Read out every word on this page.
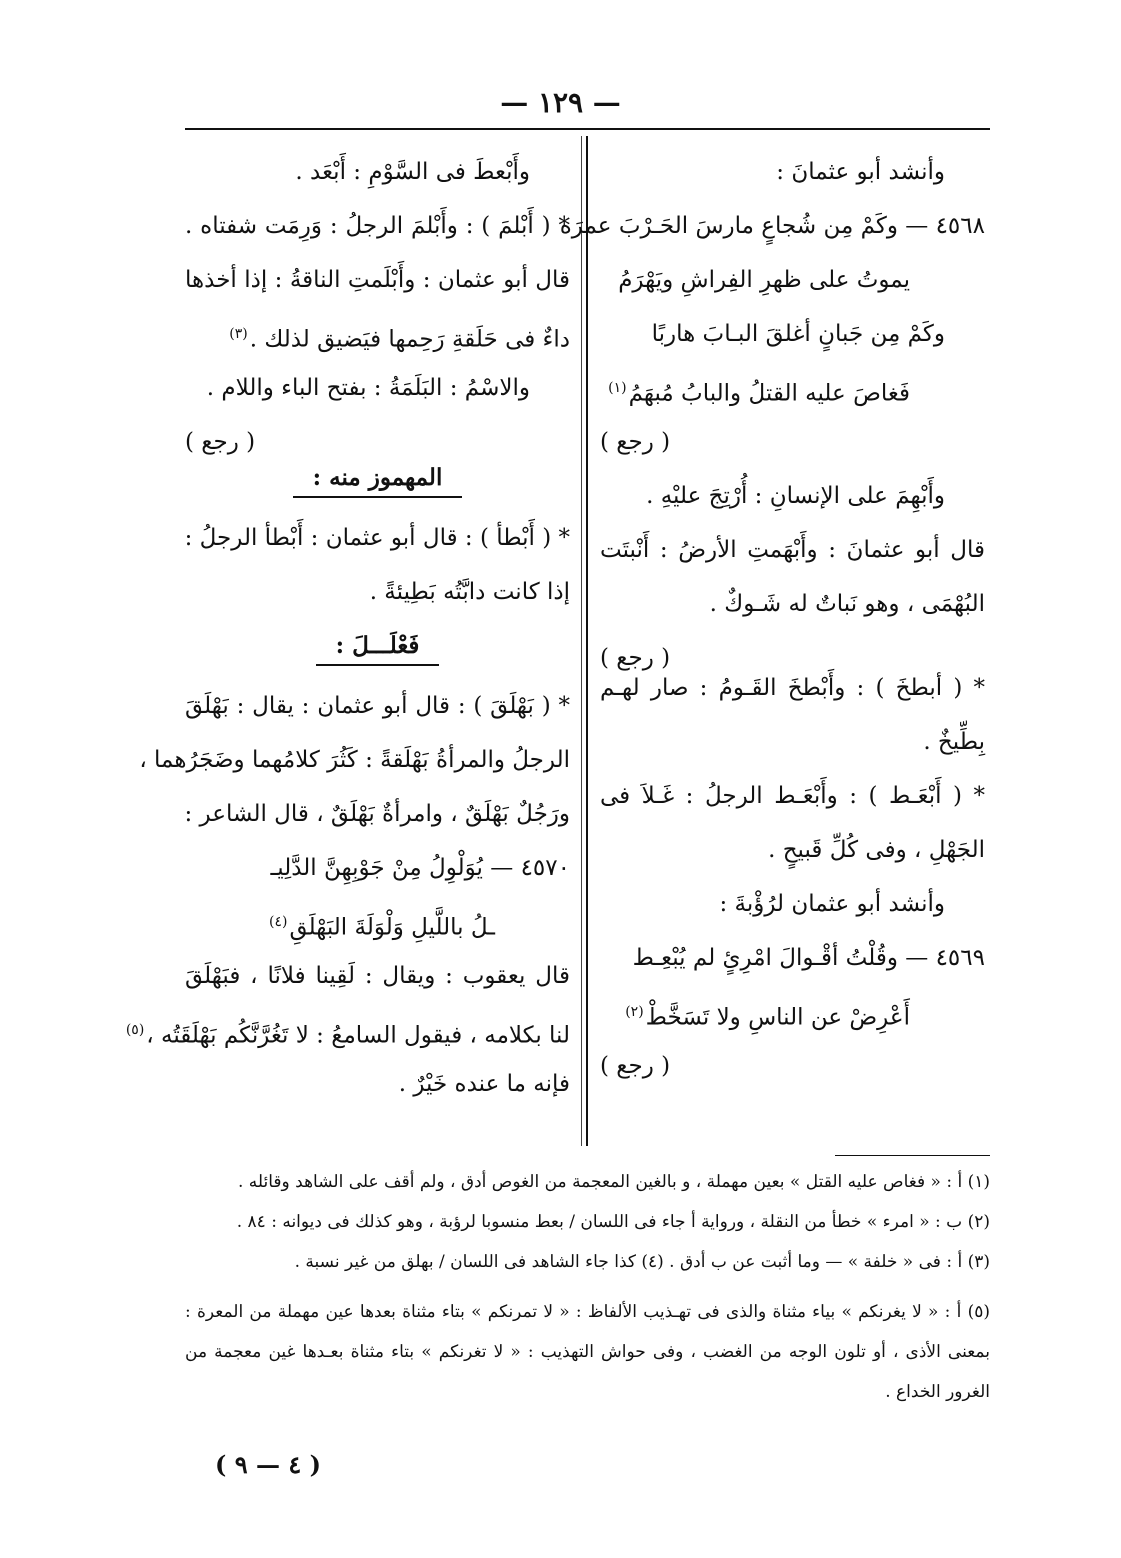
— ١٢٩ —
وأنشد أبو عثمانَ :
٤٥٦٨ — وكَمْ مِن شُجاعٍ مارسَ الحَـرْبَ عمرَه
يموتُ على ظهرِ الفِراشِ ويَهْرَمُ
وكَمْ مِن جَبانٍ أغلقَ البـابَ هاربًا
فَغاصَ عليه القتلُ والبابُ مُبهَمُ$^{(١)}$
( رجع )
وأَبْهِمَ على الإنسانِ : أُرْتِجَ عليْهِ .
قال أبو عثمانَ : وأَبْهَمتِ الأرضُ : أَنْبتَت
البُهْمَى ، وهو نَباتٌ له شَـوكٌ .
( رجع )
* ( أبطخَ ) : وأَبْطخَ القَـومُ : صار لهـم
بِطِّيخٌ .
* ( أَبْعَـط ) : وأَبْعَـط الرجلُ : غَـلاَ فى
الجَهْلِ ، وفى كُلِّ قَبيحٍ .
وأنشد أبو عثمان لرُؤْبةَ :
٤٥٦٩ — وقُلْتُ أقْـوالَ امْرِئٍ لم يُبْعِـط
أَعْرِضْ عن الناسِ ولا تَسَخَّطْ$^{(٢)}$
( رجع )
وأَبْعطَ فى السَّوْمِ : أَبْعَد .
* ( أَبْلمَ ) : وأَبْلمَ الرجلُ : وَرِمَت شفتاه .
قال أبو عثمان : وأَبْلَمتِ الناقةُ : إذا أخذها
داءٌ فى حَلَقةِ رَحِمها فيَضيق لذلك .$^{(٣)}$
والاسْمُ : البَلَمَةُ : بفتح الباء واللام .
( رجع )
المهموز منه :
* ( أَبْطأ ) : قال أبو عثمان : أَبْطأ الرجلُ :
إذا كانت دابَّتُه بَطِيئةً .
فَعْلَـــلَ :
* ( بَهْلَقَ ) : قال أبو عثمان : يقال : بَهْلَقَ
الرجلُ والمرأةُ بَهْلَقةً : كَثُرَ كلامُهما وضَجَرُهما ،
ورَجُلٌ بَهْلَقٌ ، وامرأةٌ بَهْلَقٌ ، قال الشاعر :
٤٥٧٠ — يُوَلْوِلُ مِنْ جَوْبِهِنَّ الدَّلِيـ
ـلُ باللَّيلِ وَلْوَلَةَ البَهْلَقِ$^{(٤)}$
قال يعقوب : ويقال : لَقِينا فلانًا ، فبَهْلَقَ
لنا بكلامه ، فيقول السامعُ : لا تَغُرَّنَّكُم بَهْلَقَتُه ،$^{(٥)}$
فإنه ما عنده خَيْرٌ .
(١) أ : « فغاص عليه القتل » بعين مهملة ، و بالغين المعجمة من الغوص أدق ، ولم أقف على الشاهد وقائله .
(٢) ب : « امرء » خطأ من النقلة ، ورواية أ جاء فى اللسان / بعط منسوبا لرؤبة ، وهو كذلك فى ديوانه : ٨٤ .
(٣) أ : فى « خلفة » — وما أثبت عن ب أدق . (٤) كذا جاء الشاهد فى اللسان / بهلق من غير نسبة .
(٥) أ : « لا يغرنكم » بياء مثناة والذى فى تهـذيب الألفاظ : « لا تمرنكم » بتاء مثناة بعدها عين مهملة من المعرة : بمعنى الأذى ، أو تلون الوجه من الغضب ، وفى حواش التهذيب : « لا تغرنكم » بتاء مثناة بعـدها غين معجمة من الغرور الخداع .
( ٤ — ٩ )
